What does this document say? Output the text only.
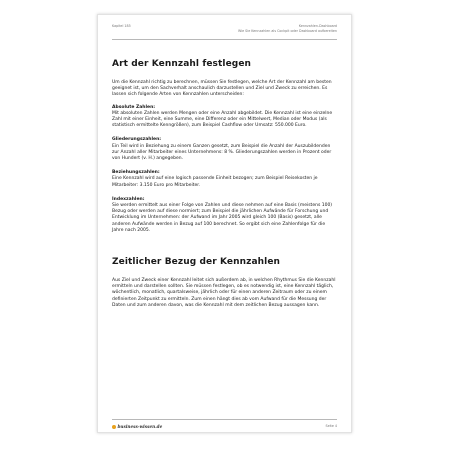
Kapitel 185	Kennzahlen-Dashboard
Wie Sie Kennzahlen als Cockpit oder Dashboard aufbereiten
Art der Kennzahl festlegen

Um die Kennzahl richtig zu berechnen, müssen Sie festlegen, welche Art der Kennzahl am besten geeignet ist, um den Sachverhalt anschaulich darzustellen und Ziel und Zweck zu erreichen. Es lassen sich folgende Arten von Kennzahlen unterscheiden:

Absolute Zahlen:

Mit absoluten Zahlen werden Mengen oder eine Anzahl abgebildet. Die Kennzahl ist eine einzelne Zahl mit einer Einheit, eine Summe, eine Differenz oder ein Mittelwert, Median oder Modus (als statistisch ermittelte Kenngrößen), zum Beispiel Cashflow oder Umsatz: 550.000 Euro.

Gliederungszahlen:

Ein Teil wird in Beziehung zu einem Ganzen gesetzt, zum Beispiel die Anzahl der Auszubildenden zur Anzahl aller Mitarbeiter eines Unternehmens: 8 %. Gliederungszahlen werden in Prozent oder von Hundert (v. H.) angegeben.

Beziehungszahlen:

Eine Kennzahl wird auf eine logisch passende Einheit bezogen; zum Beispiel Reisekosten je Mitarbeiter: 3.150 Euro pro Mitarbeiter.

Indexzahlen:

Sie werden ermittelt aus einer Folge von Zahlen und diese nehmen auf eine Basis (meistens 100) Bezug oder werden auf diese normiert; zum Beispiel die jährlichen Aufwände für Forschung und Entwicklung im Unternehmen: der Aufwand im Jahr 2005 wird gleich 100 (Basis) gesetzt, alle anderen Aufwände werden in Bezug auf 100 berechnet. So ergibt sich eine Zahlenfolge für die Jahre nach 2005.

Zeitlicher Bezug der Kennzahlen

Aus Ziel und Zweck einer Kennzahl leitet sich außerdem ab, in welchen Rhythmus Sie die Kennzahl ermitteln und darstellen sollten. Sie müssen festlegen, ob es notwendig ist, eine Kennzahl täglich, wöchentlich, monatlich, quartalsweise, jährlich oder für einen anderen Zeitraum oder zu einem definierten Zeitpunkt zu ermitteln. Zum einen hängt dies ab vom Aufwand für die Messung der Daten und zum anderen davon, was die Kennzahl mit dem zeitlichen Bezug aussagen kann.

business-wissen.de	Seite 4
